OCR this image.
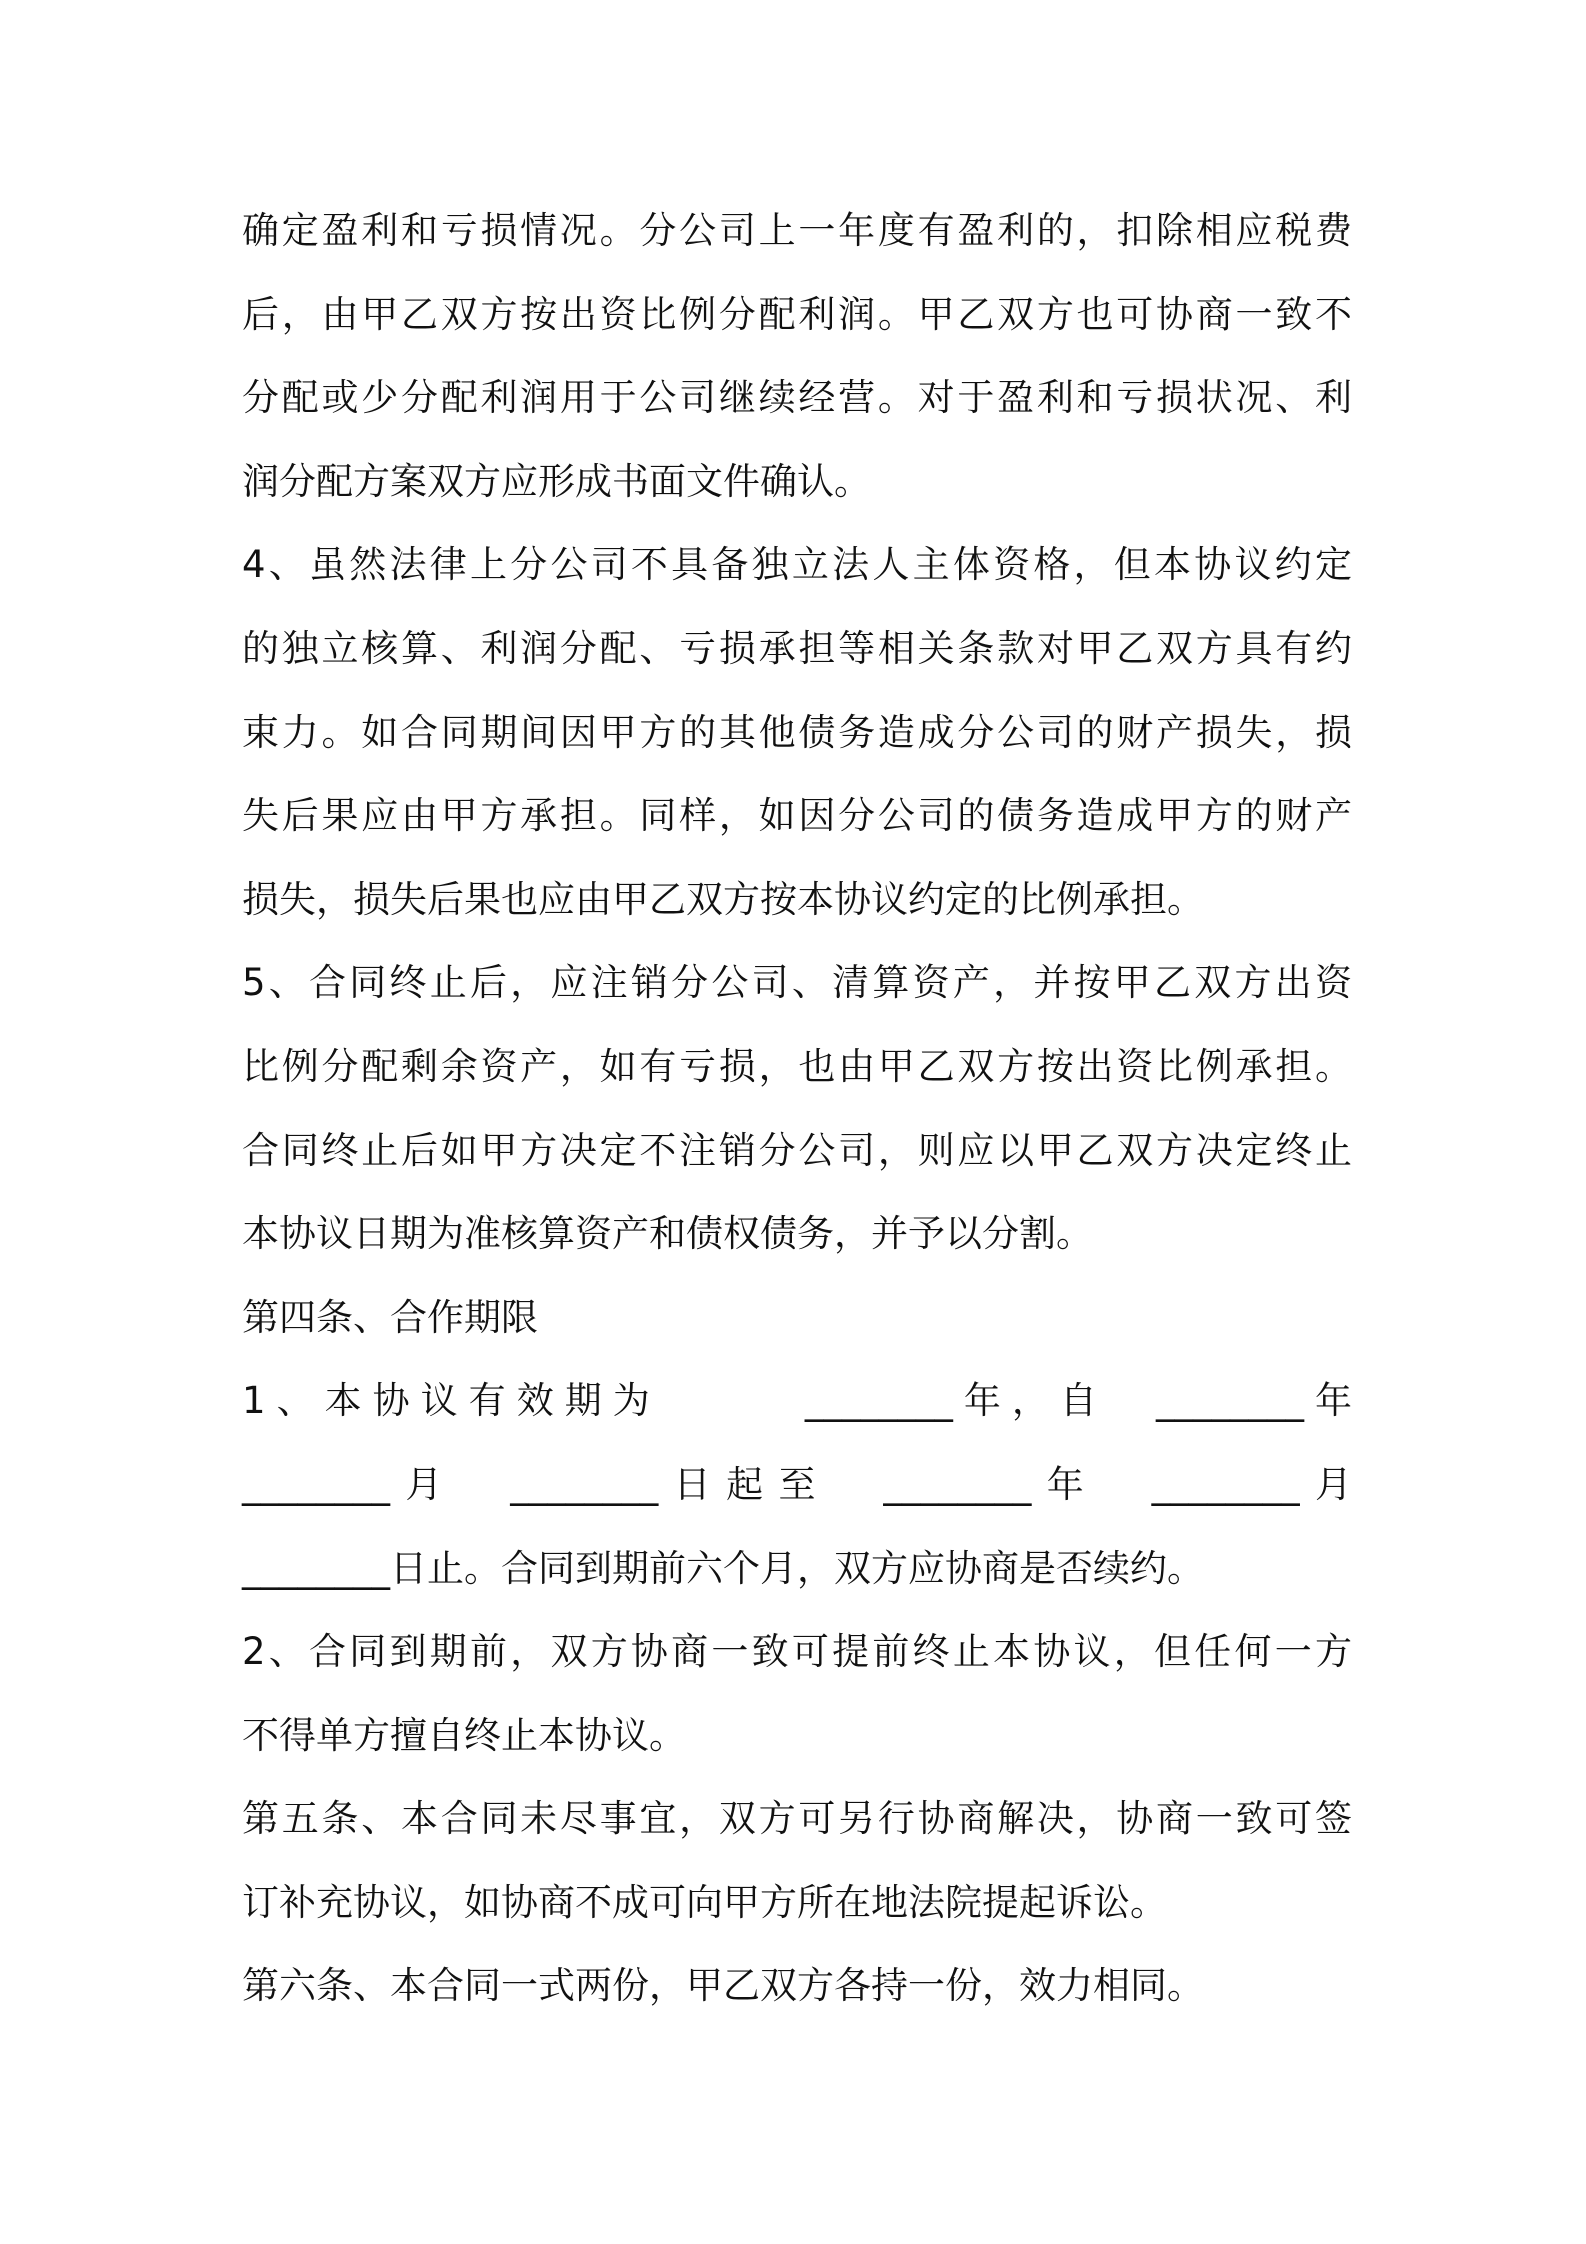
确定盈利和亏损情况。分公司上一年度有盈利的，扣除相应税费
后，由甲乙双方按出资比例分配利润。甲乙双方也可协商一致不
分配或少分配利润用于公司继续经营。对于盈利和亏损状况、利
润分配方案双方应形成书面文件确认。
4、虽然法律上分公司不具备独立法人主体资格，但本协议约定
的独立核算、利润分配、亏损承担等相关条款对甲乙双方具有约
束力。如合同期间因甲方的其他债务造成分公司的财产损失，损
失后果应由甲方承担。同样，如因分公司的债务造成甲方的财产
损失，损失后果也应由甲乙双方按本协议约定的比例承担。
5、合同终止后，应注销分公司、清算资产，并按甲乙双方出资
比例分配剩余资产，如有亏损，也由甲乙双方按出资比例承担。
合同终止后如甲方决定不注销分公司，则应以甲乙双方决定终止
本协议日期为准核算资产和债权债务，并予以分割。
第四条、合作期限
1、本协议有效期为　　　________年，自　________年
________月　________日起至　________年　________月
________日止。合同到期前六个月，双方应协商是否续约。
2、合同到期前，双方协商一致可提前终止本协议，但任何一方
不得单方擅自终止本协议。
第五条、本合同未尽事宜，双方可另行协商解决，协商一致可签
订补充协议，如协商不成可向甲方所在地法院提起诉讼。
第六条、本合同一式两份，甲乙双方各持一份，效力相同。
